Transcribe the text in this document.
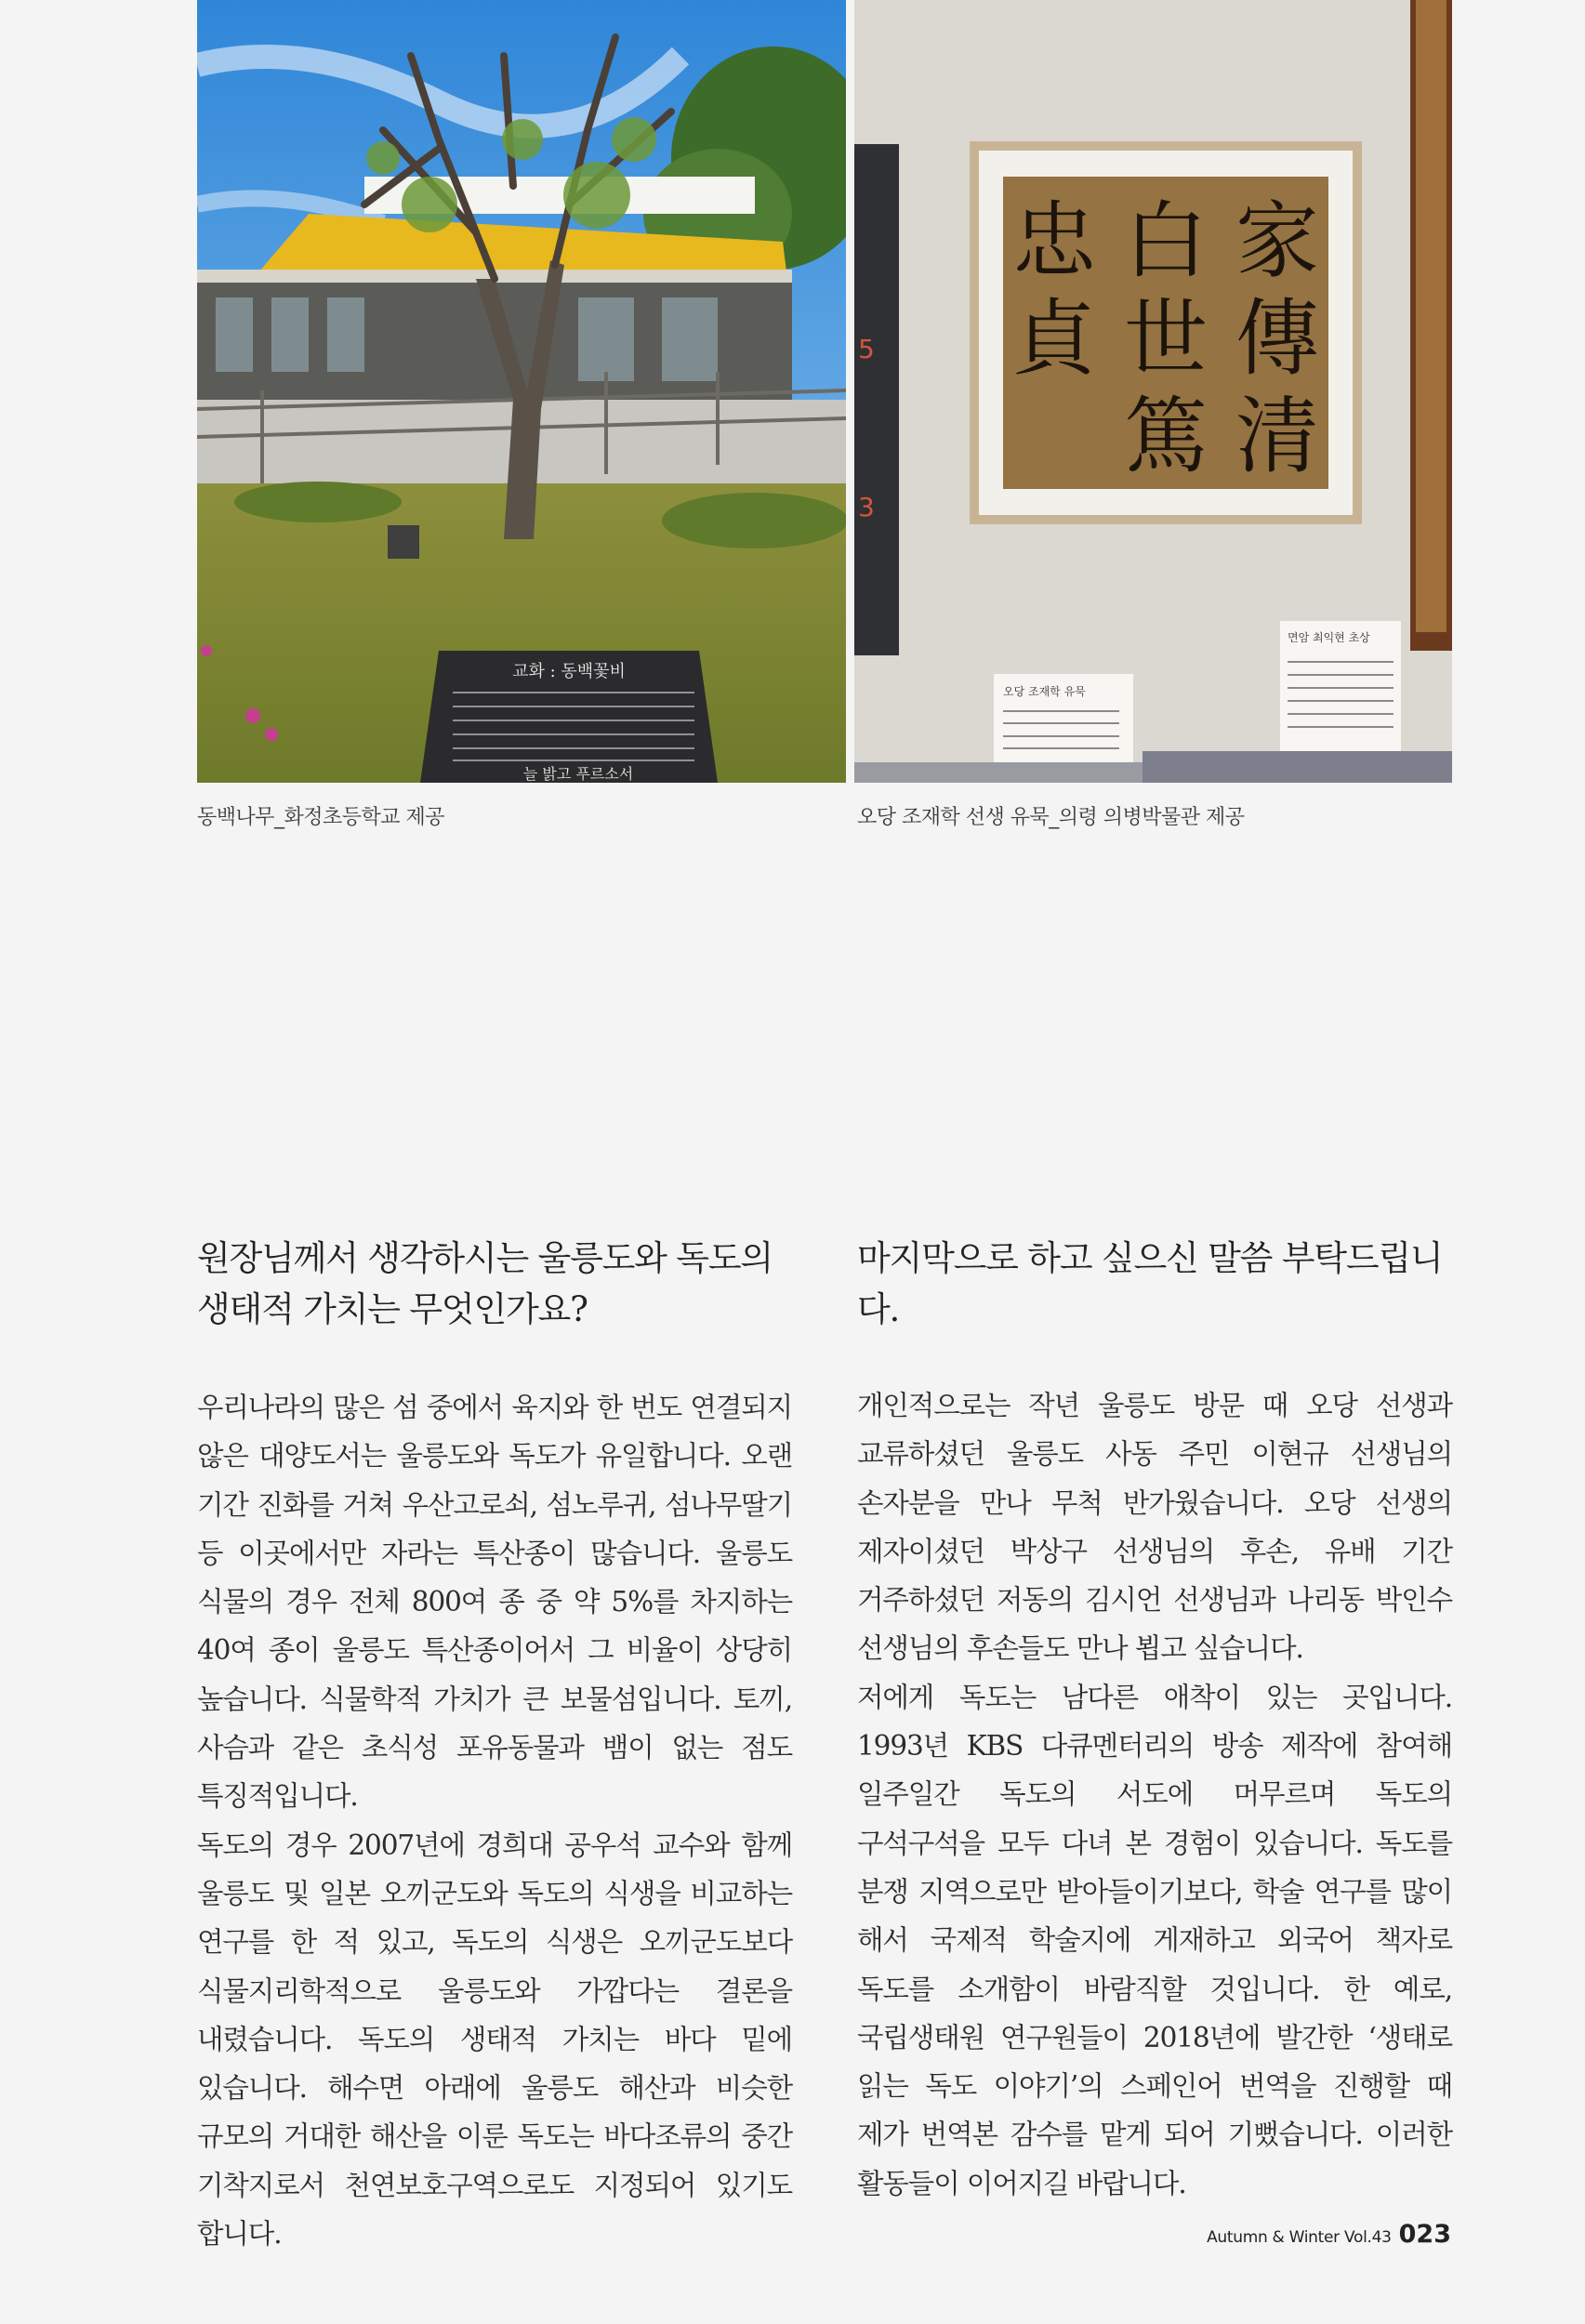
교화 : 동백꽃비
늘 밝고 푸르소서
5
3
家
白
忠
傳
世
貞
清
篤
오당 조재학 유묵
면암 최익현 초상
동백나무_화정초등학교 제공	오당 조재학 선생 유묵_의령 의병박물관 제공
원장님께서 생각하시는 울릉도와 독도의 생태적 가치는 무엇인가요?

우리나라의 많은 섬 중에서 육지와 한 번도 연결되지 않은 대양도서는 울릉도와 독도가 유일합니다. 오랜 기간 진화를 거쳐 우산고로쇠, 섬노루귀, 섬나무딸기 등 이곳에서만 자라는 특산종이 많습니다. 울릉도 식물의 경우 전체 800여 종 중 약 5%를 차지하는 40여 종이 울릉도 특산종이어서 그 비율이 상당히 높습니다. 식물학적 가치가 큰 보물섬입니다. 토끼, 사슴과 같은 초식성 포유동물과 뱀이 없는 점도 특징적입니다.

독도의 경우 2007년에 경희대 공우석 교수와 함께 울릉도 및 일본 오끼군도와 독도의 식생을 비교하는 연구를 한 적 있고, 독도의 식생은 오끼군도보다 식물지리학적으로 울릉도와 가깝다는 결론을 내렸습니다. 독도의 생태적 가치는 바다 밑에 있습니다. 해수면 아래에 울릉도 해산과 비슷한 규모의 거대한 해산을 이룬 독도는 바다조류의 중간 기착지로서 천연보호구역으로도 지정되어 있기도 합니다.

마지막으로 하고 싶으신 말씀 부탁드립니다.

개인적으로는 작년 울릉도 방문 때 오당 선생과 교류하셨던 울릉도 사동 주민 이현규 선생님의 손자분을 만나 무척 반가웠습니다. 오당 선생의 제자이셨던 박상구 선생님의 후손, 유배 기간 거주하셨던 저동의 김시언 선생님과 나리동 박인수 선생님의 후손들도 만나 뵙고 싶습니다.

저에게 독도는 남다른 애착이 있는 곳입니다. 1993년 KBS 다큐멘터리의 방송 제작에 참여해 일주일간 독도의 서도에 머무르며 독도의 구석구석을 모두 다녀 본 경험이 있습니다. 독도를 분쟁 지역으로만 받아들이기보다, 학술 연구를 많이 해서 국제적 학술지에 게재하고 외국어 책자로 독도를 소개함이 바람직할 것입니다. 한 예로, 국립생태원 연구원들이 2018년에 발간한 ‘생태로 읽는 독도 이야기’의 스페인어 번역을 진행할 때 제가 번역본 감수를 맡게 되어 기뻤습니다. 이러한 활동들이 이어지길 바랍니다.

Autumn & Winter Vol.43 023
